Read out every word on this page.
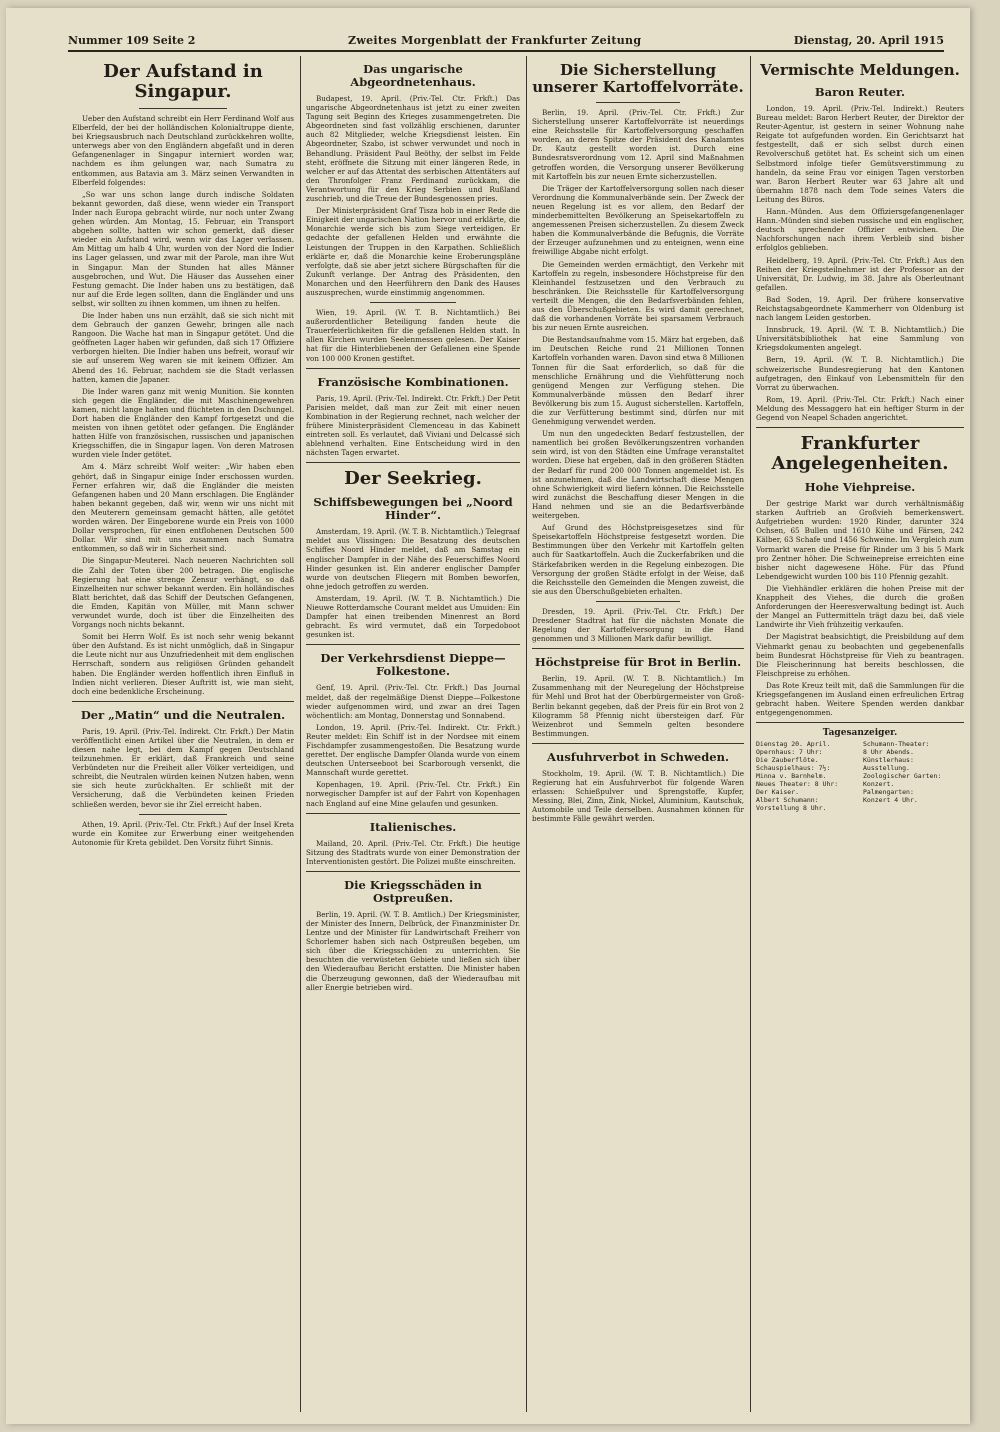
Nummer 109 Seite 2	Zweites Morgenblatt der Frankfurter Zeitung	Dienstag, 20. April 1915
Der Aufstand in Singapur.

Ueber den Aufstand schreibt ein Herr Ferdinand Wolf aus Elberfeld, der bei der holländischen Kolonialtruppe diente, bei Kriegsausbruch nach Deutschland zurückkehren wollte, unterwegs aber von den Engländern abgefaßt und in deren Gefangenenlager in Singapur interniert worden war, nachdem es ihm gelungen war, nach Sumatra zu entkommen, aus Batavia am 3. März seinen Verwandten in Elberfeld folgendes:

„So war uns schon lange durch indische Soldaten bekannt geworden, daß diese, wenn wieder ein Transport Inder nach Europa gebracht würde, nur noch unter Zwang gehen würden. Am Montag, 15. Februar, ein Transport abgehen sollte, hatten wir schon gemerkt, daß dieser wieder ein Aufstand wird, wenn wir das Lager verlassen. Am Mittag um halb 4 Uhr, wurden von der Nord die Indier ins Lager gelassen, und zwar mit der Parole, man ihre Wut in Singapur. Man der Stunden hat alles Männer ausgebrochen, und Wut. Die Häuser das Aussehen einer Festung gemacht. Die Inder haben uns zu bestätigen, daß nur auf die Erde legen sollten, dann die Engländer und uns selbst, wir sollten zu ihnen kommen, um ihnen zu helfen.

Die Inder haben uns nun erzählt, daß sie sich nicht mit dem Gebrauch der ganzen Gewehr, bringen alle nach Rangoon. Die Wache hat man in Singapur getötet. Und die geöffneten Lager haben wir gefunden, daß sich 17 Offiziere verborgen hielten. Die Indier haben uns befreit, worauf wir sie auf unserem Weg waren sie mit keinem Offizier. Am Abend des 16. Februar, nachdem sie die Stadt verlassen hatten, kamen die Japaner.

Die Inder waren ganz mit wenig Munition. Sie konnten sich gegen die Engländer, die mit Maschinengewehren kamen, nicht lange halten und flüchteten in den Dschungel. Dort haben die Engländer den Kampf fortgesetzt und die meisten von ihnen getötet oder gefangen. Die Engländer hatten Hilfe von französischen, russischen und japanischen Kriegsschiffen, die in Singapur lagen. Von deren Matrosen wurden viele Inder getötet.

Am 4. März schreibt Wolf weiter: „Wir haben eben gehört, daß in Singapur einige Inder erschossen wurden. Ferner erfahren wir, daß die Engländer die meisten Gefangenen haben und 20 Mann erschlagen. Die Engländer haben bekannt gegeben, daß wir, wenn wir uns nicht mit den Meuterern gemeinsam gemacht hätten, alle getötet worden wären. Der Eingeborene wurde ein Preis von 1000 Dollar versprochen, für einen entflohenen Deutschen 500 Dollar. Wir sind mit uns zusammen nach Sumatra entkommen, so daß wir in Sicherheit sind.

Die Singapur-Meuterei. Nach neueren Nachrichten soll die Zahl der Toten über 200 betragen. Die englische Regierung hat eine strenge Zensur verhängt, so daß Einzelheiten nur schwer bekannt werden. Ein holländisches Blatt berichtet, daß das Schiff der Deutschen Gefangenen, die Emden, Kapitän von Müller, mit Mann schwer verwundet wurde, doch ist über die Einzelheiten des Vorgangs noch nichts bekannt.

Somit bei Herrn Wolf. Es ist noch sehr wenig bekannt über den Aufstand. Es ist nicht unmöglich, daß in Singapur die Leute nicht nur aus Unzufriedenheit mit dem englischen Herrschaft, sondern aus religiösen Gründen gehandelt haben. Die Engländer werden hoffentlich ihren Einfluß in Indien nicht verlieren. Dieser Auftritt ist, wie man sieht, doch eine bedenkliche Erscheinung.

Der „Matin“ und die Neutralen.

Paris, 19. April. (Priv.-Tel. Indirekt. Ctr. Frkft.) Der Matin veröffentlicht einen Artikel über die Neutralen, in dem er diesen nahe legt, bei dem Kampf gegen Deutschland teilzunehmen. Er erklärt, daß Frankreich und seine Verbündeten nur die Freiheit aller Völker verteidigen, und schreibt, die Neutralen würden keinen Nutzen haben, wenn sie sich heute zurückhalten. Er schließt mit der Versicherung, daß die Verbündeten keinen Frieden schließen werden, bevor sie ihr Ziel erreicht haben.

Athen, 19. April. (Priv.-Tel. Ctr. Frkft.) Auf der Insel Kreta wurde ein Komitee zur Erwerbung einer weitgehenden Autonomie für Kreta gebildet. Den Vorsitz führt Sinnis.

Das ungarische Abgeordnetenhaus.

Budapest, 19. April. (Priv.-Tel. Ctr. Frkft.) Das ungarische Abgeordnetenhaus ist jetzt zu einer zweiten Tagung seit Beginn des Krieges zusammengetreten. Die Abgeordneten sind fast vollzählig erschienen, darunter auch 82 Mitglieder, welche Kriegsdienst leisten. Ein Abgeordneter, Szabo, ist schwer verwundet und noch in Behandlung. Präsident Paul Beöthy, der selbst im Felde steht, eröffnete die Sitzung mit einer längeren Rede, in welcher er auf das Attentat des serbischen Attentäters auf den Thronfolger Franz Ferdinand zurückkam, die Verantwortung für den Krieg Serbien und Rußland zuschrieb, und die Treue der Bundesgenossen pries.

Der Ministerpräsident Graf Tisza hob in einer Rede die Einigkeit der ungarischen Nation hervor und erklärte, die Monarchie werde sich bis zum Siege verteidigen. Er gedachte der gefallenen Helden und erwähnte die Leistungen der Truppen in den Karpathen. Schließlich erklärte er, daß die Monarchie keine Eroberungspläne verfolgte, daß sie aber jetzt sichere Bürgschaften für die Zukunft verlange. Der Antrag des Präsidenten, den Monarchen und den Heerführern den Dank des Hauses auszusprechen, wurde einstimmig angenommen.

Wien, 19. April. (W. T. B. Nichtamtlich.) Bei außerordentlicher Beteiligung fanden heute die Trauerfeierlichkeiten für die gefallenen Helden statt. In allen Kirchen wurden Seelenmessen gelesen. Der Kaiser hat für die Hinterbliebenen der Gefallenen eine Spende von 100 000 Kronen gestiftet.

Französische Kombinationen.

Paris, 19. April. (Priv.-Tel. Indirekt. Ctr. Frkft.) Der Petit Parisien meldet, daß man zur Zeit mit einer neuen Kombination in der Regierung rechnet, nach welcher der frühere Ministerpräsident Clemenceau in das Kabinett eintreten soll. Es verlautet, daß Viviani und Delcassé sich ablehnend verhalten. Eine Entscheidung wird in den nächsten Tagen erwartet.

Der Seekrieg.
Schiffsbewegungen bei „Noord Hinder“.

Amsterdam, 19. April. (W. T. B. Nichtamtlich.) Telegraaf meldet aus Vlissingen: Die Besatzung des deutschen Schiffes Noord Hinder meldet, daß am Samstag ein englischer Dampfer in der Nähe des Feuerschiffes Noord Hinder gesunken ist. Ein anderer englischer Dampfer wurde von deutschen Fliegern mit Bomben beworfen, ohne jedoch getroffen zu werden.

Amsterdam, 19. April. (W. T. B. Nichtamtlich.) Die Nieuwe Rotterdamsche Courant meldet aus Umuiden: Ein Dampfer hat einen treibenden Minenrest an Bord gebracht. Es wird vermutet, daß ein Torpedoboot gesunken ist.

Der Verkehrsdienst Dieppe—Folkestone.

Genf, 19. April. (Priv.-Tel. Ctr. Frkft.) Das Journal meldet, daß der regelmäßige Dienst Dieppe—Folkestone wieder aufgenommen wird, und zwar an drei Tagen wöchentlich: am Montag, Donnerstag und Sonnabend.

London, 19. April. (Priv.-Tel. Indirekt. Ctr. Frkft.) Reuter meldet: Ein Schiff ist in der Nordsee mit einem Fischdampfer zusammengestoßen. Die Besatzung wurde gerettet. Der englische Dampfer Olanda wurde von einem deutschen Unterseeboot bei Scarborough versenkt, die Mannschaft wurde gerettet.

Kopenhagen, 19. April. (Priv.-Tel. Ctr. Frkft.) Ein norwegischer Dampfer ist auf der Fahrt von Kopenhagen nach England auf eine Mine gelaufen und gesunken.

Italienisches.

Mailand, 20. April. (Priv.-Tel. Ctr. Frkft.) Die heutige Sitzung des Stadtrats wurde von einer Demonstration der Interventionisten gestört. Die Polizei mußte einschreiten.

Die Kriegsschäden in Ostpreußen.

Berlin, 19. April. (W. T. B. Amtlich.) Der Kriegsminister, der Minister des Innern, Delbrück, der Finanzminister Dr. Lentze und der Minister für Landwirtschaft Freiherr von Schorlemer haben sich nach Ostpreußen begeben, um sich über die Kriegsschäden zu unterrichten. Sie besuchten die verwüsteten Gebiete und ließen sich über den Wiederaufbau Bericht erstatten. Die Minister haben die Überzeugung gewonnen, daß der Wiederaufbau mit aller Energie betrieben wird.

Die Sicherstellung unserer Kartoffelvorräte.

Berlin, 19. April. (Priv.-Tel. Ctr. Frkft.) Zur Sicherstellung unserer Kartoffelvorräte ist neuerdings eine Reichsstelle für Kartoffelversorgung geschaffen worden, an deren Spitze der Präsident des Kanalamtes Dr. Kautz gestellt worden ist. Durch eine Bundesratsverordnung vom 12. April sind Maßnahmen getroffen worden, die Versorgung unserer Bevölkerung mit Kartoffeln bis zur neuen Ernte sicherzustellen.

Die Träger der Kartoffelversorgung sollen nach dieser Verordnung die Kommunalverbände sein. Der Zweck der neuen Regelung ist es vor allem, den Bedarf der minderbemittelten Bevölkerung an Speisekartoffeln zu angemessenen Preisen sicherzustellen. Zu diesem Zweck haben die Kommunalverbände die Befugnis, die Vorräte der Erzeuger aufzunehmen und zu enteignen, wenn eine freiwillige Abgabe nicht erfolgt.

Die Gemeinden werden ermächtigt, den Verkehr mit Kartoffeln zu regeln, insbesondere Höchstpreise für den Kleinhandel festzusetzen und den Verbrauch zu beschränken. Die Reichsstelle für Kartoffelversorgung verteilt die Mengen, die den Bedarfsverbänden fehlen, aus den Überschußgebieten. Es wird damit gerechnet, daß die vorhandenen Vorräte bei sparsamem Verbrauch bis zur neuen Ernte ausreichen.

Die Bestandsaufnahme vom 15. März hat ergeben, daß im Deutschen Reiche rund 21 Millionen Tonnen Kartoffeln vorhanden waren. Davon sind etwa 8 Millionen Tonnen für die Saat erforderlich, so daß für die menschliche Ernährung und die Viehfütterung noch genügend Mengen zur Verfügung stehen. Die Kommunalverbände müssen den Bedarf ihrer Bevölkerung bis zum 15. August sicherstellen. Kartoffeln, die zur Verfütterung bestimmt sind, dürfen nur mit Genehmigung verwendet werden.

Um nun den ungedeckten Bedarf festzustellen, der namentlich bei großen Bevölkerungszentren vorhanden sein wird, ist von den Städten eine Umfrage veranstaltet worden. Diese hat ergeben, daß in den größeren Städten der Bedarf für rund 200 000 Tonnen angemeldet ist. Es ist anzunehmen, daß die Landwirtschaft diese Mengen ohne Schwierigkeit wird liefern können. Die Reichsstelle wird zunächst die Beschaffung dieser Mengen in die Hand nehmen und sie an die Bedarfsverbände weitergeben.

Auf Grund des Höchstpreisgesetzes sind für Speisekartoffeln Höchstpreise festgesetzt worden. Die Bestimmungen über den Verkehr mit Kartoffeln gelten auch für Saatkartoffeln. Auch die Zuckerfabriken und die Stärkefabriken werden in die Regelung einbezogen. Die Versorgung der großen Städte erfolgt in der Weise, daß die Reichsstelle den Gemeinden die Mengen zuweist, die sie aus den Überschußgebieten erhalten.

Dresden, 19. April. (Priv.-Tel. Ctr. Frkft.) Der Dresdener Stadtrat hat für die nächsten Monate die Regelung der Kartoffelversorgung in die Hand genommen und 3 Millionen Mark dafür bewilligt.

Höchstpreise für Brot in Berlin.

Berlin, 19. April. (W. T. B. Nichtamtlich.) Im Zusammenhang mit der Neuregelung der Höchstpreise für Mehl und Brot hat der Oberbürgermeister von Groß-Berlin bekannt gegeben, daß der Preis für ein Brot von 2 Kilogramm 58 Pfennig nicht übersteigen darf. Für Weizenbrot und Semmeln gelten besondere Bestimmungen.

Ausfuhrverbot in Schweden.

Stockholm, 19. April. (W. T. B. Nichtamtlich.) Die Regierung hat ein Ausfuhrverbot für folgende Waren erlassen: Schießpulver und Sprengstoffe, Kupfer, Messing, Blei, Zinn, Zink, Nickel, Aluminium, Kautschuk, Automobile und Teile derselben. Ausnahmen können für bestimmte Fälle gewährt werden.

Vermischte Meldungen.
Baron Reuter.

London, 19. April. (Priv.-Tel. Indirekt.) Reuters Bureau meldet: Baron Herbert Reuter, der Direktor der Reuter-Agentur, ist gestern in seiner Wohnung nahe Reigate tot aufgefunden worden. Ein Gerichtsarzt hat festgestellt, daß er sich selbst durch einen Revolverschuß getötet hat. Es scheint sich um einen Selbstmord infolge tiefer Gemütsverstimmung zu handeln, da seine Frau vor einigen Tagen verstorben war. Baron Herbert Reuter war 63 Jahre alt und übernahm 1878 nach dem Tode seines Vaters die Leitung des Büros.

Hann.-Münden. Aus dem Offiziersgefangenenlager Hann.-Münden sind sieben russische und ein englischer, deutsch sprechender Offizier entwichen. Die Nachforschungen nach ihrem Verbleib sind bisher erfolglos geblieben.

Heidelberg, 19. April. (Priv.-Tel. Ctr. Frkft.) Aus den Reihen der Kriegsteilnehmer ist der Professor an der Universität, Dr. Ludwig, im 38. Jahre als Oberleutnant gefallen.

Bad Soden, 19. April. Der frühere konservative Reichstagsabgeordnete Kammerherr von Oldenburg ist nach langem Leiden gestorben.

Innsbruck, 19. April. (W. T. B. Nichtamtlich.) Die Universitätsbibliothek hat eine Sammlung von Kriegsdokumenten angelegt.

Bern, 19. April. (W. T. B. Nichtamtlich.) Die schweizerische Bundesregierung hat den Kantonen aufgetragen, den Einkauf von Lebensmitteln für den Vorrat zu überwachen.

Rom, 19. April. (Priv.-Tel. Ctr. Frkft.) Nach einer Meldung des Messaggero hat ein heftiger Sturm in der Gegend von Neapel Schaden angerichtet.

Frankfurter Angelegenheiten.
Hohe Viehpreise.

Der gestrige Markt war durch verhältnismäßig starken Auftrieb an Großvieh bemerkenswert. Aufgetrieben wurden: 1920 Rinder, darunter 324 Ochsen, 65 Bullen und 1610 Kühe und Färsen, 242 Kälber, 63 Schafe und 1456 Schweine. Im Vergleich zum Vormarkt waren die Preise für Rinder um 3 bis 5 Mark pro Zentner höher. Die Schweinepreise erreichten eine bisher nicht dagewesene Höhe. Für das Pfund Lebendgewicht wurden 100 bis 110 Pfennig gezahlt.

Die Viehhändler erklären die hohen Preise mit der Knappheit des Viehes, die durch die großen Anforderungen der Heeresverwaltung bedingt ist. Auch der Mangel an Futtermitteln trägt dazu bei, daß viele Landwirte ihr Vieh frühzeitig verkaufen.

Der Magistrat beabsichtigt, die Preisbildung auf dem Viehmarkt genau zu beobachten und gegebenenfalls beim Bundesrat Höchstpreise für Vieh zu beantragen. Die Fleischerinnung hat bereits beschlossen, die Fleischpreise zu erhöhen.

Das Rote Kreuz teilt mit, daß die Sammlungen für die Kriegsgefangenen im Ausland einen erfreulichen Ertrag gebracht haben. Weitere Spenden werden dankbar entgegengenommen.

Tagesanzeiger.

Dienstag 20. April.
Opernhaus: 7 Uhr:
Die Zauberflöte.
Schauspielhaus: 7½:
Minna v. Barnhelm.
Neues Theater: 8 Uhr:
Der Kaiser.
Albert Schumann:
Vorstellung 8 Uhr.

Schumann-Theater:
8 Uhr Abends.
Künstlerhaus:
Ausstellung.
Zoologischer Garten:
Konzert.
Palmengarten:
Konzert 4 Uhr.
